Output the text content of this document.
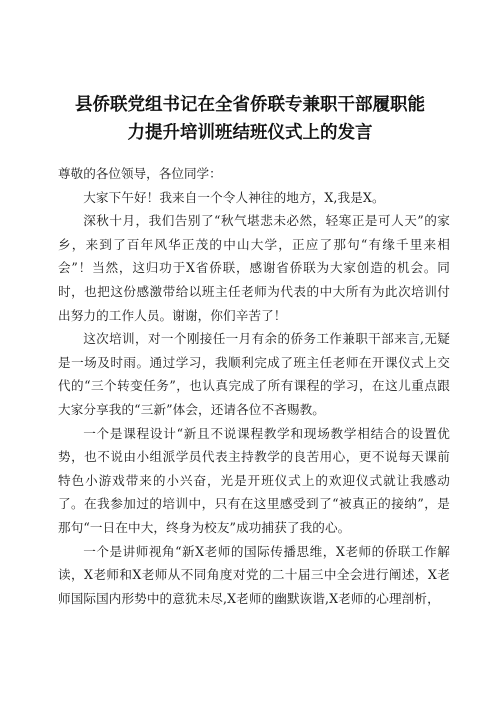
县侨联党组书记在全省侨联专兼职干部履职能
力提升培训班结班仪式上的发言

尊敬的各位领导，各位同学：

大家下午好！我来自一个令人神往的地方，X,我是X。

深秋十月，我们告别了“秋气堪悲未必然，轻寒正是可人天”的家乡，来到了百年风华正茂的中山大学，正应了那句“有缘千里来相会”！当然，这归功于X省侨联，感谢省侨联为大家创造的机会。同时，也把这份感激带给以班主任老师为代表的中大所有为此次培训付出努力的工作人员。谢谢，你们辛苦了！

这次培训，对一个刚接任一月有余的侨务工作兼职干部来言,无疑是一场及时雨。通过学习，我顺利完成了班主任老师在开课仪式上交代的“三个转变任务”，也认真完成了所有课程的学习，在这儿重点跟大家分享我的“三新”体会，还请各位不吝赐教。

一个是课程设计“新且不说课程教学和现场教学相结合的设置优势，也不说由小组派学员代表主持教学的良苦用心，更不说每天课前特色小游戏带来的小兴奋，光是开班仪式上的欢迎仪式就让我感动了。在我参加过的培训中，只有在这里感受到了“被真正的接纳”，是那句“一日在中大，终身为校友”成功捕获了我的心。

一个是讲师视角“新X老师的国际传播思维，X老师的侨联工作解读，X老师和X老师从不同角度对党的二十届三中全会进行阐述，X老师国际国内形势中的意犹未尽,X老师的幽默诙谐,X老师的心理剖析，
